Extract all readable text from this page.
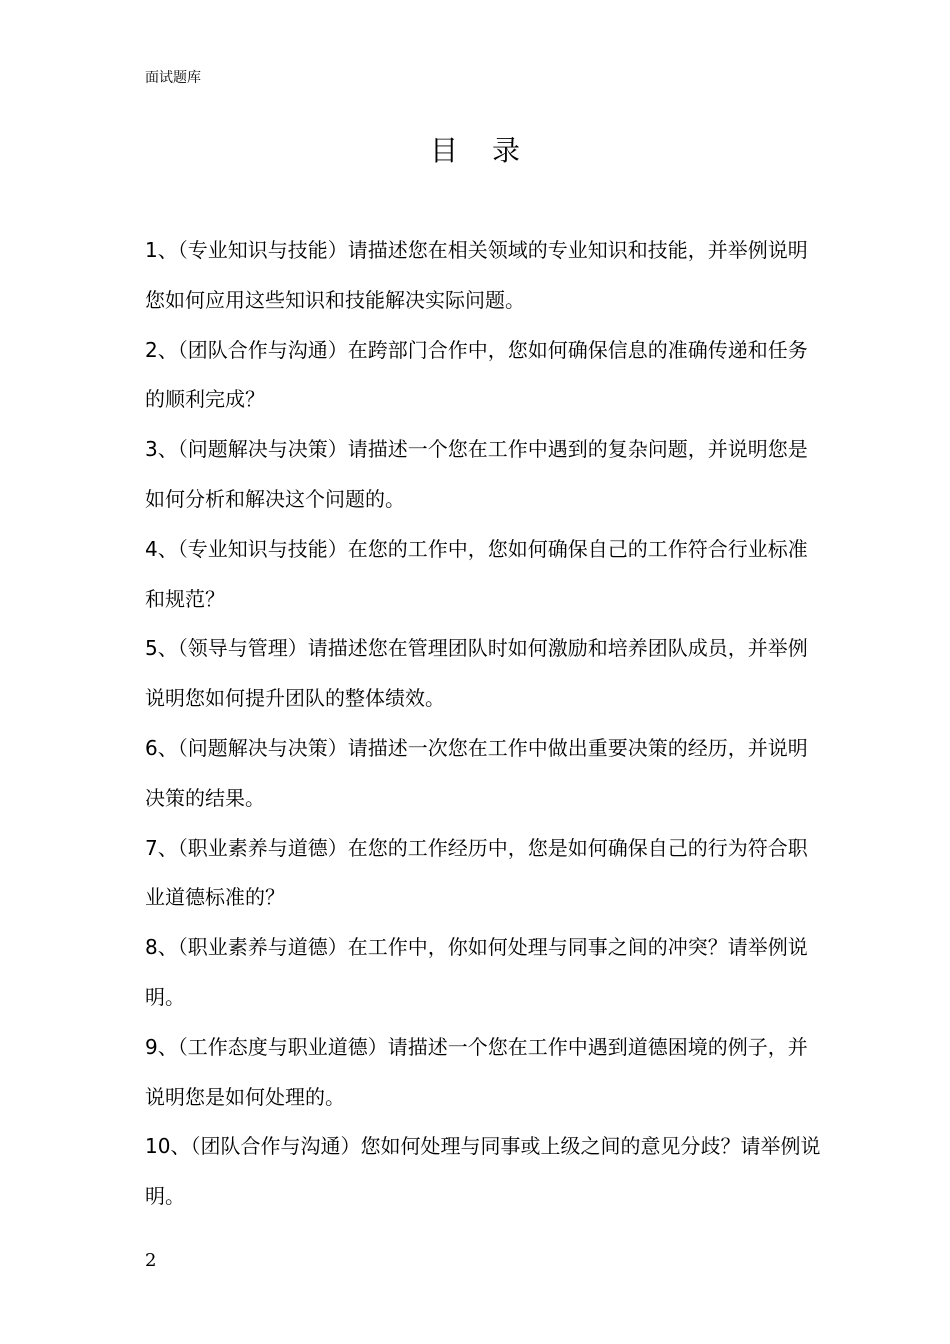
面试题库
目录
1、（专业知识与技能）请描述您在相关领域的专业知识和技能，并举例说明您如何应用这些知识和技能解决实际问题。
2、（团队合作与沟通）在跨部门合作中，您如何确保信息的准确传递和任务的顺利完成？
3、（问题解决与决策）请描述一个您在工作中遇到的复杂问题，并说明您是如何分析和解决这个问题的。
4、（专业知识与技能）在您的工作中，您如何确保自己的工作符合行业标准和规范？
5、（领导与管理）请描述您在管理团队时如何激励和培养团队成员，并举例说明您如何提升团队的整体绩效。
6、（问题解决与决策）请描述一次您在工作中做出重要决策的经历，并说明决策的结果。
7、（职业素养与道德）在您的工作经历中，您是如何确保自己的行为符合职业道德标准的？
8、（职业素养与道德）在工作中，你如何处理与同事之间的冲突？请举例说明。
9、（工作态度与职业道德）请描述一个您在工作中遇到道德困境的例子，并说明您是如何处理的。
10、（团队合作与沟通）您如何处理与同事或上级之间的意见分歧？请举例说明。
2
